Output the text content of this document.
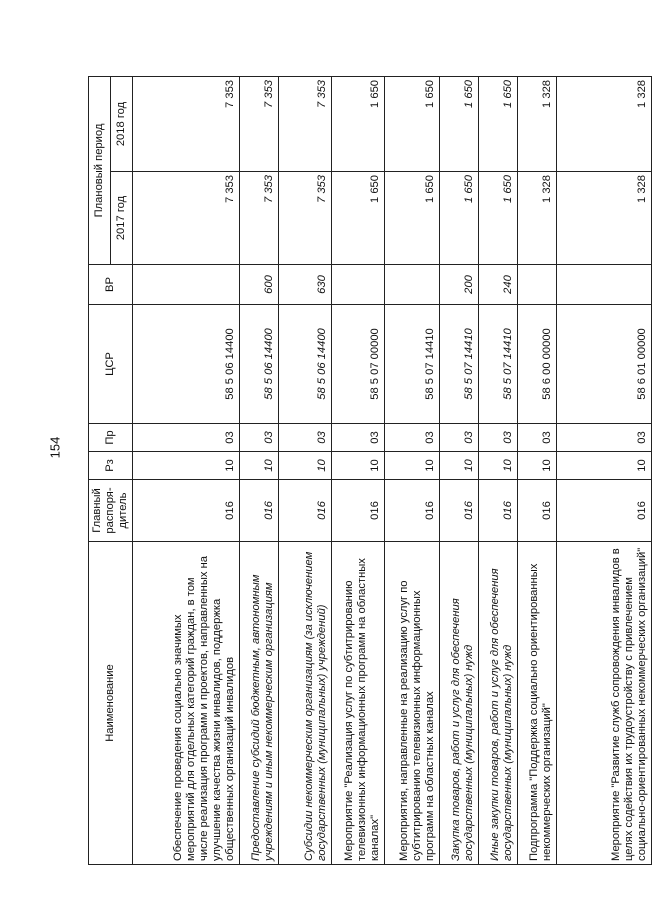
154
Наименование	Главный распоря-дитель	Рз	Пр	ЦСР	ВР	Плановый период	
						2017 год	2018 год
Обеспечение проведения социально значимых мероприятий для отдельных категорий граждан, в том числе реализация программ и проектов, направленных на улучшение качества жизни инвалидов, поддержка общественных организаций инвалидов	016	10	03	58 5 06 14400		7 353	7 353
Предоставление субсидий бюджетным, автономным учреждениям и иным некоммерческим организациям	016	10	03	58 5 06 14400	600	7 353	7 353
Субсидии некоммерческим организациям (за исключением государственных (муниципальных) учреждений)	016	10	03	58 5 06 14400	630	7 353	7 353
Мероприятие "Реализация услуг по субтитрированию телевизионных информационных программ на областных каналах"	016	10	03	58 5 07 00000		1 650	1 650
Мероприятия, направленные на реализацию услуг по субтитрированию телевизионных информационных программ на областных каналах	016	10	03	58 5 07 14410		1 650	1 650
Закупка товаров, работ и услуг для обеспечения государственных (муниципальных) нужд	016	10	03	58 5 07 14410	200	1 650	1 650
Иные закупки товаров, работ и услуг для обеспечения государственных (муниципальных) нужд	016	10	03	58 5 07 14410	240	1 650	1 650
Подпрограмма "Поддержка социально ориентированных некоммерческих организаций"	016	10	03	58 6 00 00000		1 328	1 328
Мероприятие "Развитие служб сопровождения инвалидов в целях содействия их трудоустройству с привлечением социально-ориентированных некоммерческих организаций"	016	10	03	58 6 01 00000		1 328	1 328
